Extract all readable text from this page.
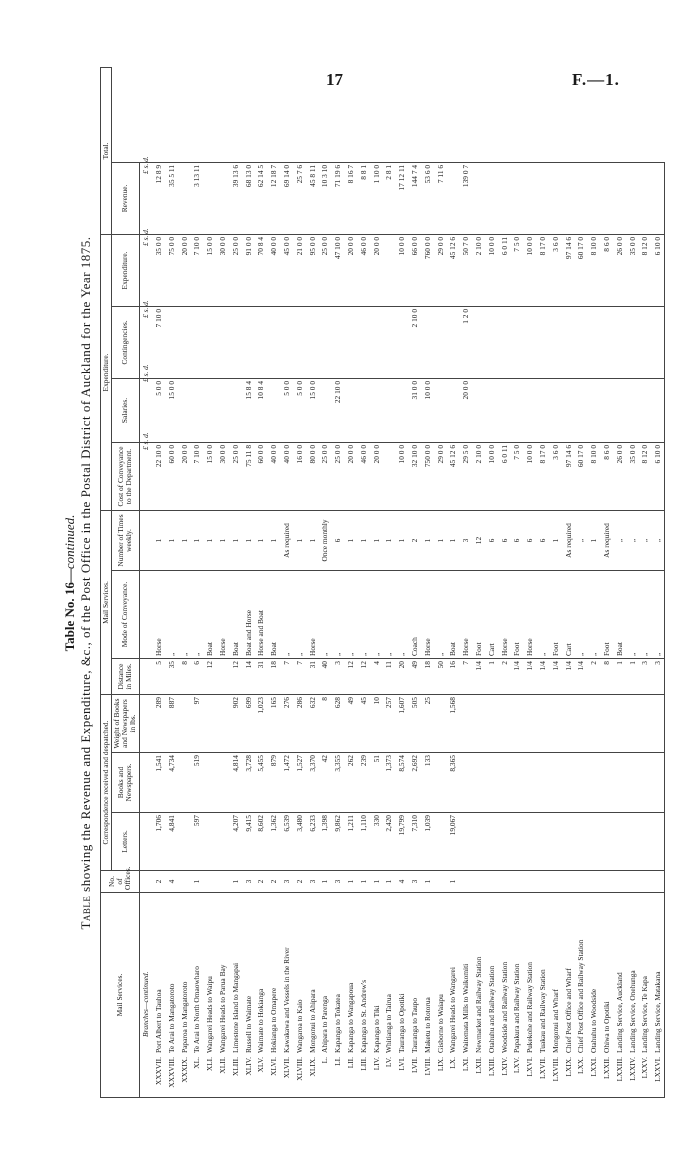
17	F.—1.
Table No. 16—continued.
Table showing the Revenue and Expenditure, &c., of the Post Office in the Postal District of Auckland for the Year 1875.
Mail Services.	No. of Offices.	Correspondence received and despatched.			Mail Services.			Expenditure.				Total.
		Letters.	Books and Newspapers.	Weight of Books and Newspapers in lbs.	Distance in Miles.	Mode of Conveyance.	Number of Times weekly.	Cost of Conveyance to the Department.	Salaries.	Contingencies.	Expenditure.	Revenue.
Branches—continued.								£ s. d.	£ s. d.	£ s. d.	£ s. d.	£ s. d.

XXXVII.
Port Albert to Tauhoa	2	1,706	1,541	289	5	Horse	1	22 10 0	5 0 0	7 10 0	35 0 0	12 8 9

XXXVIII.
Te Arai to Mangatoroto	4	4,841	4,734	887	35	„	1	60 0 0	15 0 0		75 0 0	35 5 11

XXXIX.
Paparoa to Mangatoroto					8	„	1	20 0 0			20 0 0	

XL.
Te Arai to North Omaowharo	1	597	519	97	6	„	1	7 10 0			7 10 0	3 13 11

XLI.
Wangarei Heads to Waipu					12	Boat	1	15 0 0			15 0 0	

XLII.
Wangarei Heads to Parua Bay						Horse	1	30 0 0			30 0 0	

XLIII.
Limestone Island to Mangapai	1	4,207	4,814	902	12	Boat	1	25 0 0			25 0 0	39 13 6

XLIV.
Russell to Waimate	3	9,415	3,728	699	14	Boat and Horse	1	75 11 8	15 8 4		91 0 0	68 13 0

XLV.
Waimate to Hokianga	2	8,602	5,455	1,023	31	Horse and Boat	1	60 0 0	10 8 4		70 8 4	62 14 5

XLVI.
Hokianga to Omapere	2	1,362	879	165	18	Boat	1	40 0 0			40 0 0	12 18 7

XLVII.
Kawakawa and Vessels in the River	3	6,539	1,472	276	7	„	As required	40 0 0	5 0 0		45 0 0	69 14 0

XLVIII.
Wangaroa to Kaio	2	3,480	1,527	286	7	„	1	16 0 0	5 0 0		21 0 0	25 7 6

XLIX.
Mongonui to Ahipara	3	6,233	3,370	632	31	Horse	1	80 0 0	15 0 0		95 0 0	45 8 11

L.
Ahipara to Parenga	1	1,398	42	8	40	„	Once monthly	25 0 0			25 0 0	10 3 10

LI.
Kapanga to Tokatea	3	9,862	3,355	628	3	„	6	25 0 0	22 10 0		47 10 0	71 19 6

LII.
Kapanga to Wangapoua	1	1,211	262	49	12	„	1	20 0 0			20 0 0	8 16 7

LIII.
Kapanga to St. Andrew's	1	1,110	239	45	12	„	1	46 0 0			46 0 0	8 8 1

LIV.
Kapanga to Tiki	1	330	51	10	4	„	1	20 0 0			20 0 0	1 10 0

LV.
Whitianga to Tairua	1	2,420	1,373	257	11	„	1					2 8 1

LVI.
Tauranga to Opotiki	4	19,799	8,574	1,607	20	„	1	10 0 0			10 0 0	17 12 11

LVII.
Tauranga to Taupo	3	7,310	2,692	505	49	Coach	2	32 10 0	31 0 0	2 10 0	66 0 0	144 7 4

LVIII.
Maketu to Rotorua	1	1,039	133	25	18	Horse	1	750 0 0	10 0 0		760 0 0	53 6 0

LIX.
Gisborne to Waiapu					50	„	1	29 0 0			29 0 0	7 11 6

LX.
Wangarei Heads to Wangarei	1	19,067	8,365	1,568	16	Boat	1	45 12 6			45 12 6	

LXI.
Waitemata Mills to Waikomiti					7	Horse	3	29 5 0	20 0 0	1 2 0	50 7 0	139 0 7

LXII.
Newmarket and Railway Station					1/4	Foot	12	2 10 0			2 10 0	

LXIII.
Otahuhu and Railway Station					1	Cart	6	10 0 0			10 0 0	

LXIV.
Woodside and Railway Station					2	Horse	6	6 0 11			6 0 11	

LXV.
Papakura and Railway Station					1/4	Foot	6	7 5 0			7 5 0	

LXVI.
Pukekohe and Railway Station					1/4	Horse	6	10 0 0			10 0 0	

LXVII.
Tuakau and Railway Station					1/4	„	6	8 17 0			8 17 0	

LXVIII.
Mongonui and Wharf					1/4	Foot	1	3 6 0			3 6 0	

LXIX.
Chief Post Office and Wharf					1/4	Cart	As required	97 14 6			97 14 6	

LXX.
Chief Post Office and Railway Station					1/4	„	„	60 17 0			60 17 0	

LXXI.
Otahuhu to Woodside					2	„	1	8 10 0			8 10 0	

LXXII.
Ohiwa to Opotiki					8	Foot	As required	8 6 0			8 6 0	

LXXIII.
Landing Service, Auckland					1	Boat	„	26 0 0			26 0 0	

LXXIV.
Landing Service, Onehunga					1	„	„	35 0 0			35 0 0	

LXXV.
Landing Service, Te Kapa					3	„	„	8 12 0			8 12 0	

LXXVI.
Landing Service, Matakana					3	„	„	6 10 0			6 10 0	
